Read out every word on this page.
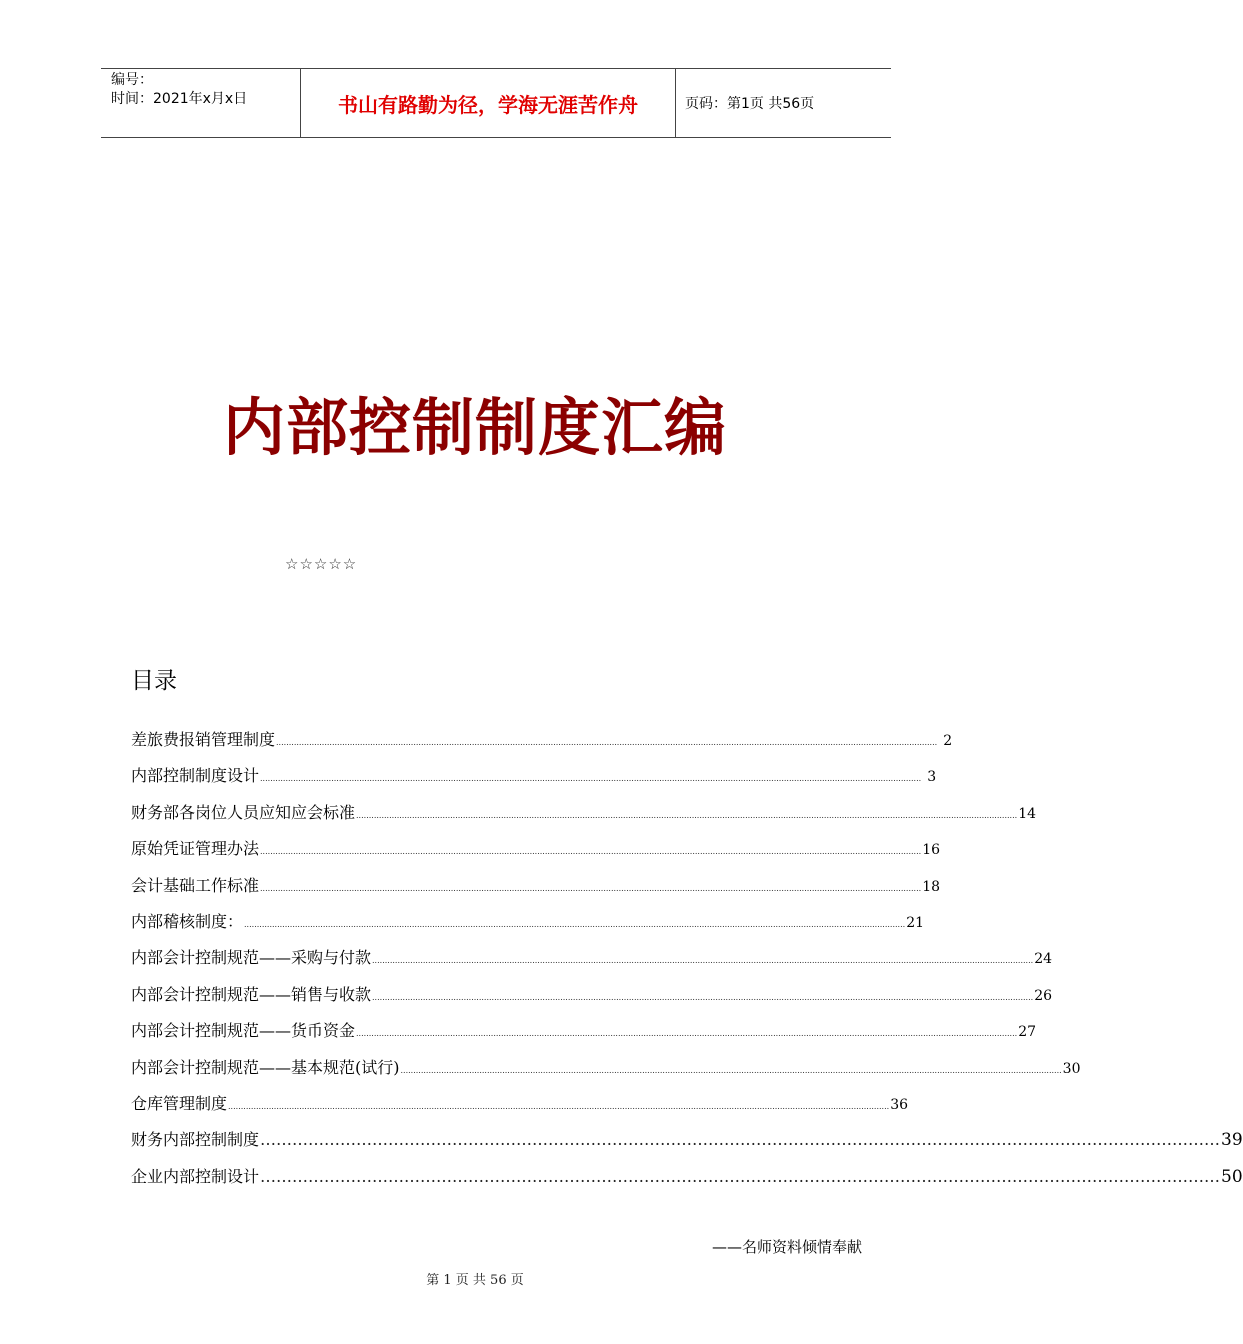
编号：
时间：2021年x月x日	书山有路勤为径，学海无涯苦作舟	页码：第1页 共56页
内部控制制度汇编
☆☆☆☆☆
目录
差旅费报销管理制度 .................................................................................................................................................................................................................................................................... 2
内部控制制度设计 .................................................................................................................................................................................................................................................................... 3
财务部各岗位人员应知应会标准 .................................................................................................................................................................................................................................................................... 14
原始凭证管理办法 .................................................................................................................................................................................................................................................................... 16
会计基础工作标准 .................................................................................................................................................................................................................................................................... 18
内部稽核制度： .................................................................................................................................................................................................................................................................... 21
内部会计控制规范——采购与付款 .................................................................................................................................................................................................................................................................... 24
内部会计控制规范——销售与收款 .................................................................................................................................................................................................................................................................... 26
内部会计控制规范——货币资金 .................................................................................................................................................................................................................................................................... 27
内部会计控制规范——基本规范(试行) .................................................................................................................................................................................................................................................................... 30
仓库管理制度 .................................................................................................................................................................................................................................................................... 36
财务内部控制制度 ……………………………………………………………………………………………………………………………………………………………… 39
企业内部控制设计 ……………………………………………………………………………………………………………………………………………………………… 50
——名师资料倾情奉献
第 1 页 共 56 页
